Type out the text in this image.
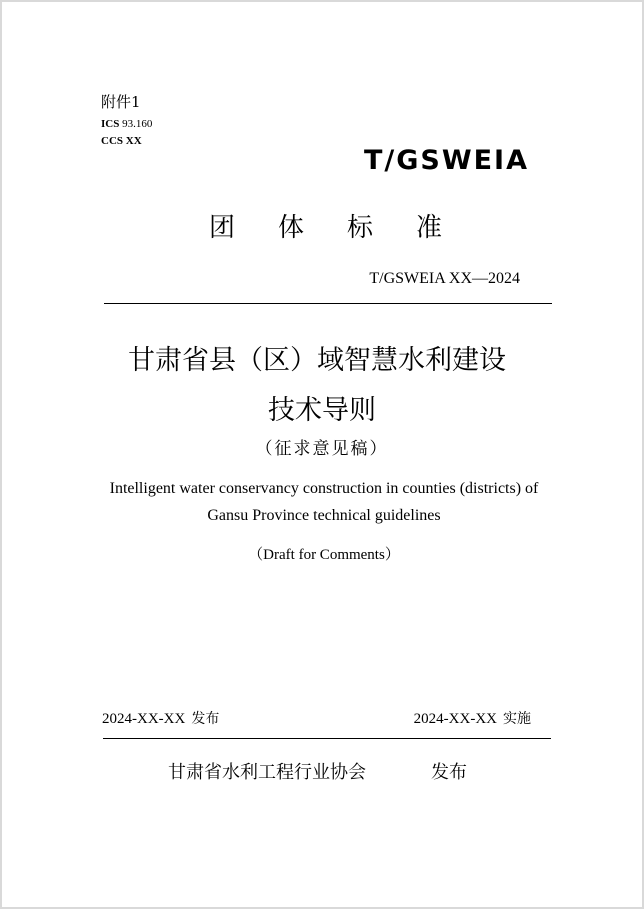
附件1
ICS 93.160
CCS XX
T/GSWEIA
团体标准
T/GSWEIA XX—2024
甘肃省县（区）域智慧水利建设
技术导则
（征求意见稿）
Intelligent water conservancy construction in counties (districts) of
Gansu Province technical guidelines
（Draft for Comments）
2024-XX-XX 发布	2024-XX-XX 实施
甘肃省水利工程行业协会	发布
